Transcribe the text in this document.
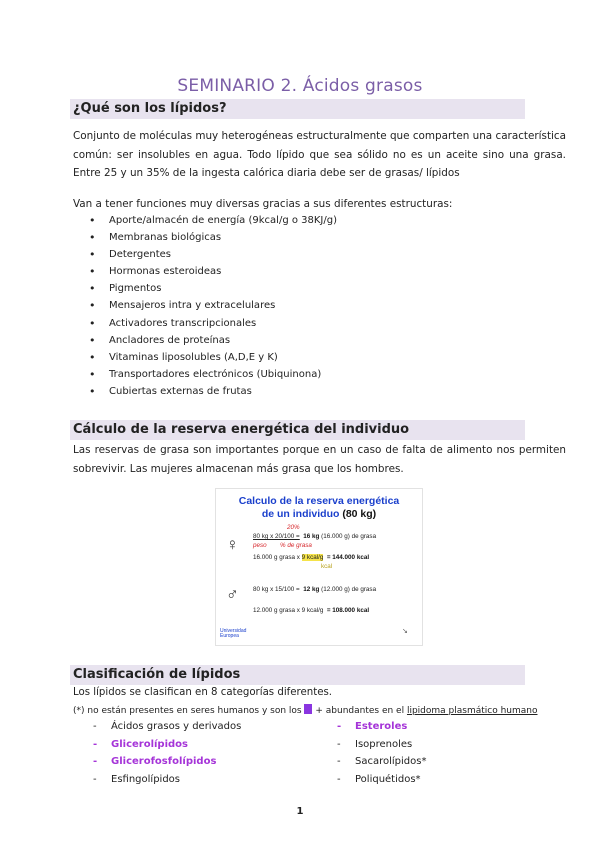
SEMINARIO 2. Ácidos grasos
¿Qué son los lípidos?
Conjunto de moléculas muy heterogéneas estructuralmente que comparten una característica común: ser insolubles en agua. Todo lípido que sea sólido no es un aceite sino una grasa. Entre 25 y un 35% de la ingesta calórica diaria debe ser de grasas/ lípidos
Van a tener funciones muy diversas gracias a sus diferentes estructuras:
• Aporte/almacén de energía (9kcal/g o 38KJ/g)
• Membranas biológicas
• Detergentes
• Hormonas esteroideas
• Pigmentos
• Mensajeros intra y extracelulares
• Activadores transcripcionales
• Ancladores de proteínas
• Vitaminas liposolubles (A,D,E y K)
• Transportadores electrónicos (Ubiquinona)
• Cubiertas externas de frutas
Cálculo de la reserva energética del individuo
Las reservas de grasa son importantes porque en un caso de falta de alimento nos permiten sobrevivir. Las mujeres almacenan más grasa que los hombres.
Calculo de la reserva energética
de un individuo (80 kg)
20%
♀ 80 kg x 20/100 = 16 kg (16.000 g) de grasa
peso % de grasa
16.000 g grasa x 9 kcal/g = 144.000 kcal
kcal
♂ 80 kg x 15/100 = 12 kg (12.000 g) de grasa
12.000 g grasa x 9 kcal/g = 108.000 kcal
Universidad
Europea
↘
Clasificación de lípidos
Los lípidos se clasifican en 8 categorías diferentes.
(*) no están presentes en seres humanos y son los + abundantes en el lipidoma plasmático humano
- Ácidos grasos y derivados
- Glicerolípidos
- Glicerofosfolípidos
- Esfingolípidos
- Esteroles
- Isoprenoles
- Sacarolípidos*
- Poliquétidos*
1
